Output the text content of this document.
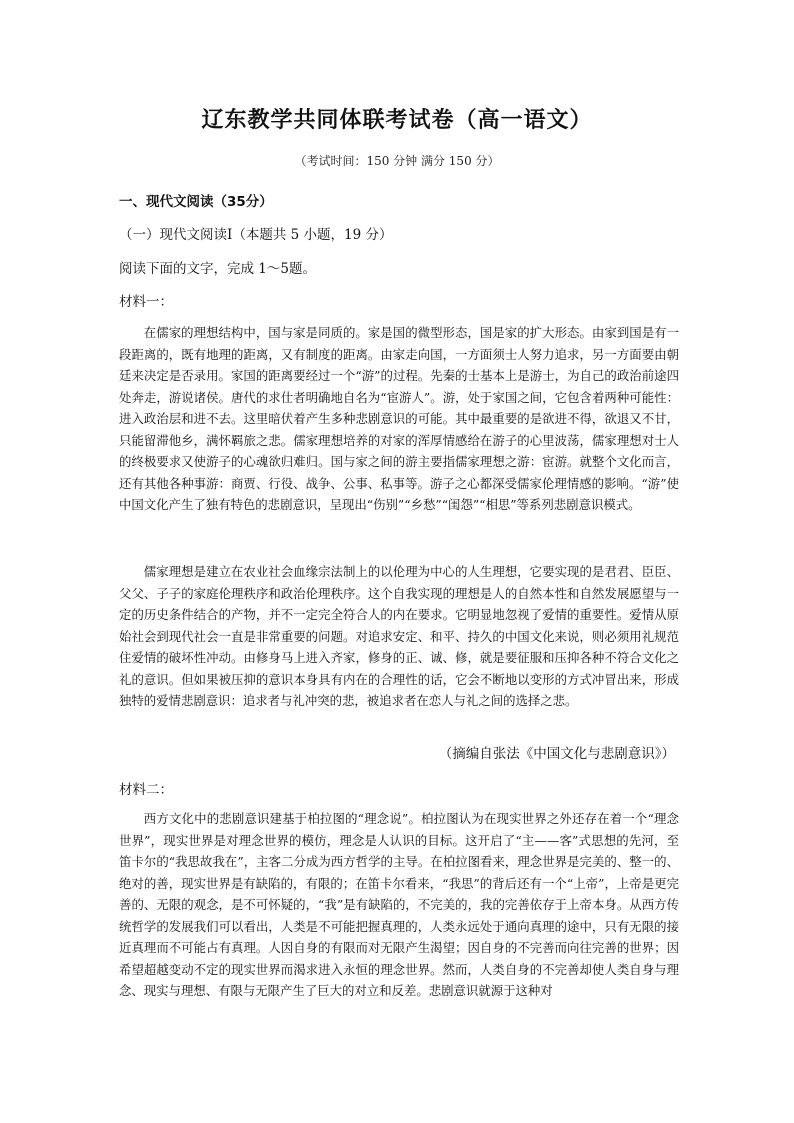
辽东教学共同体联考试卷（高一语文）
（考试时间：150 分钟 满分 150 分）
一、现代文阅读（35分）
（一）现代文阅读Ⅰ（本题共 5 小题，19 分）
阅读下面的文字，完成 1～5题。
材料一：
在儒家的理想结构中，国与家是同质的。家是国的微型形态，国是家的扩大形态。由家到国是有一段距离的，既有地理的距离，又有制度的距离。由家走向国，一方面须士人努力追求，另一方面要由朝廷来决定是否录用。家国的距离要经过一个“游”的过程。先秦的士基本上是游士，为自己的政治前途四处奔走，游说诸侯。唐代的求仕者明确地自名为“宦游人”。游，处于家国之间，它包含着两种可能性：进入政治层和进不去。这里暗伏着产生多种悲剧意识的可能。其中最重要的是欲进不得，欲退又不甘，只能留滞他乡，满怀羁旅之悲。儒家理想培养的对家的浑厚情感给在游子的心里波荡，儒家理想对士人的终极要求又使游子的心魂欲归难归。国与家之间的游主要指儒家理想之游：宦游。就整个文化而言，还有其他各种事游：商贾、行役、战争、公事、私事等。游子之心都深受儒家伦理情感的影响。“游”使中国文化产生了独有特色的悲剧意识，呈现出“伤别”“乡愁”“闺怨”“相思”等系列悲剧意识模式。
儒家理想是建立在农业社会血缘宗法制上的以伦理为中心的人生理想，它要实现的是君君、臣臣、父父、子子的家庭伦理秩序和政治伦理秩序。这个自我实现的理想是人的自然本性和自然发展愿望与一定的历史条件结合的产物，并不一定完全符合人的内在要求。它明显地忽视了爱情的重要性。爱情从原始社会到现代社会一直是非常重要的问题。对追求安定、和平、持久的中国文化来说，则必须用礼规范住爱情的破坏性冲动。由修身马上进入齐家，修身的正、诚、修，就是要征服和压抑各种不符合文化之礼的意识。但如果被压抑的意识本身具有内在的合理性的话，它会不断地以变形的方式冲冒出来，形成独特的爱情悲剧意识：追求者与礼冲突的悲，被追求者在恋人与礼之间的选择之悲。
（摘编自张法《中国文化与悲剧意识》）
材料二：
西方文化中的悲剧意识建基于柏拉图的“理念说”。柏拉图认为在现实世界之外还存在着一个“理念世界”，现实世界是对理念世界的模仿，理念是人认识的目标。这开启了“主——客”式思想的先河，至笛卡尔的“我思故我在”，主客二分成为西方哲学的主导。在柏拉图看来，理念世界是完美的、整一的、绝对的善，现实世界是有缺陷的，有限的；在笛卡尔看来，“我思”的背后还有一个“上帝”，上帝是更完善的、无限的观念，是不可怀疑的，“我”是有缺陷的，不完美的，我的完善依存于上帝本身。从西方传统哲学的发展我们可以看出，人类是不可能把握真理的，人类永远处于通向真理的途中，只有无限的接近真理而不可能占有真理。人因自身的有限而对无限产生渴望；因自身的不完善而向往完善的世界；因希望超越变动不定的现实世界而渴求进入永恒的理念世界。然而，人类自身的不完善却使人类自身与理念、现实与理想、有限与无限产生了巨大的对立和反差。悲剧意识就源于这种对
